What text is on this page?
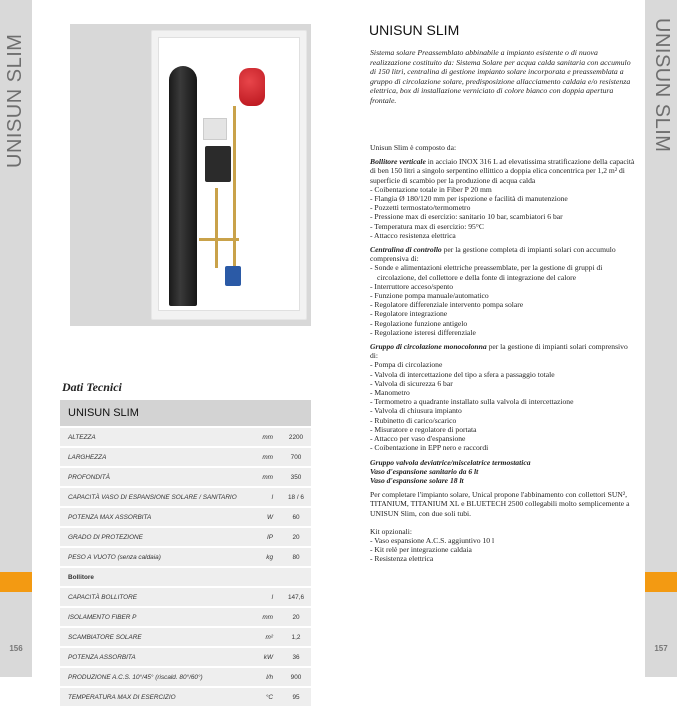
UNISUN SLIM
156
UNISUN SLIM
157
Dati Tecnici
UNISUN SLIM
ALTEZZA	mm	2200
LARGHEZZA	mm	700
PROFONDITÀ	mm	350
CAPACITÀ VASO DI ESPANSIONE SOLARE / SANITARIO	l	18 / 6
POTENZA MAX ASSORBITA	W	60
GRADO DI PROTEZIONE	IP	20
PESO A VUOTO (senza caldaia)	kg	80
Bollitore
CAPACITÀ BOLLITORE	l	147,6
ISOLAMENTO FIBER P	mm	20
SCAMBIATORE SOLARE	m²	1,2
POTENZA ASSORBITA	kW	36
PRODUZIONE A.C.S. 10°/45° (riscald. 80°/60°)	l/h	900
TEMPERATURA MAX DI ESERCIZIO	°C	95
UNISUN SLIM
Sistema solare Preassemblato abbinabile a impianto esistente o di nuova realizzazione costituito da: Sistema Solare per acqua calda sanitaria con accumulo di 150 litri, centralina di gestione impianto solare incorporata e preassemblata a gruppo di circolazione solare, predisposizione allacciamento caldaia e/o resistenza elettrica, box di installazione verniciato di colore bianco con doppia apertura frontale.

Unisun Slim è composto da:

Bollitore verticale in acciaio INOX 316 L ad elevatissima stratificazione della capacità di ben 150 litri a singolo serpentino ellittico a doppia elica concentrica per 1,2 m² di superficie di scambio per la produzione di acqua calda

- Coibentazione totale in Fiber P 20 mm

- Flangia Ø 180/120 mm per ispezione e facilità di manutenzione

- Pozzetti termostato/termometro

- Pressione max di esercizio: sanitario 10 bar, scambiatori 6 bar

- Temperatura max di esercizio: 95°C

- Attacco resistenza elettrica

Centralina di controllo per la gestione completa di impianti solari con accumulo comprensiva di:

- Sonde e alimentazioni elettriche preassemblate, per la gestione di gruppi di circolazione, del collettore e della fonte di integrazione del calore

- Interruttore acceso/spento

- Funzione pompa manuale/automatico

- Regolatore differenziale intervento pompa solare

- Regolatore integrazione

- Regolazione funzione antigelo

- Regolazione isteresi differenziale

Gruppo di circolazione monocolonna per la gestione di impianti solari comprensivo di:

- Pompa di circolazione

- Valvola di intercettazione del tipo a sfera a passaggio totale

- Valvola di sicurezza 6 bar

- Manometro

- Termometro a quadrante installato sulla valvola di intercettazione

- Valvola di chiusura impianto

- Rubinetto di carico/scarico

- Misuratore e regolatore di portata

- Attacco per vaso d'espansione

- Coibentazione in EPP nero e raccordi

Gruppo valvola deviatrice/miscelatrice termostatica

Vaso d'espansione sanitario da 6 lt

Vaso d'espansione solare 18 lt

Per completare l'impianto solare, Unical propone l'abbinamento con collettori SUN², TITANIUM, TITANIUM XL e BLUETECH 2500 collegabili molto semplicemente a UNISUN Slim, con due soli tubi.

Kit opzionali:

- Vaso espansione A.C.S. aggiuntivo 10 l

- Kit relè per integrazione caldaia

- Resistenza elettrica
